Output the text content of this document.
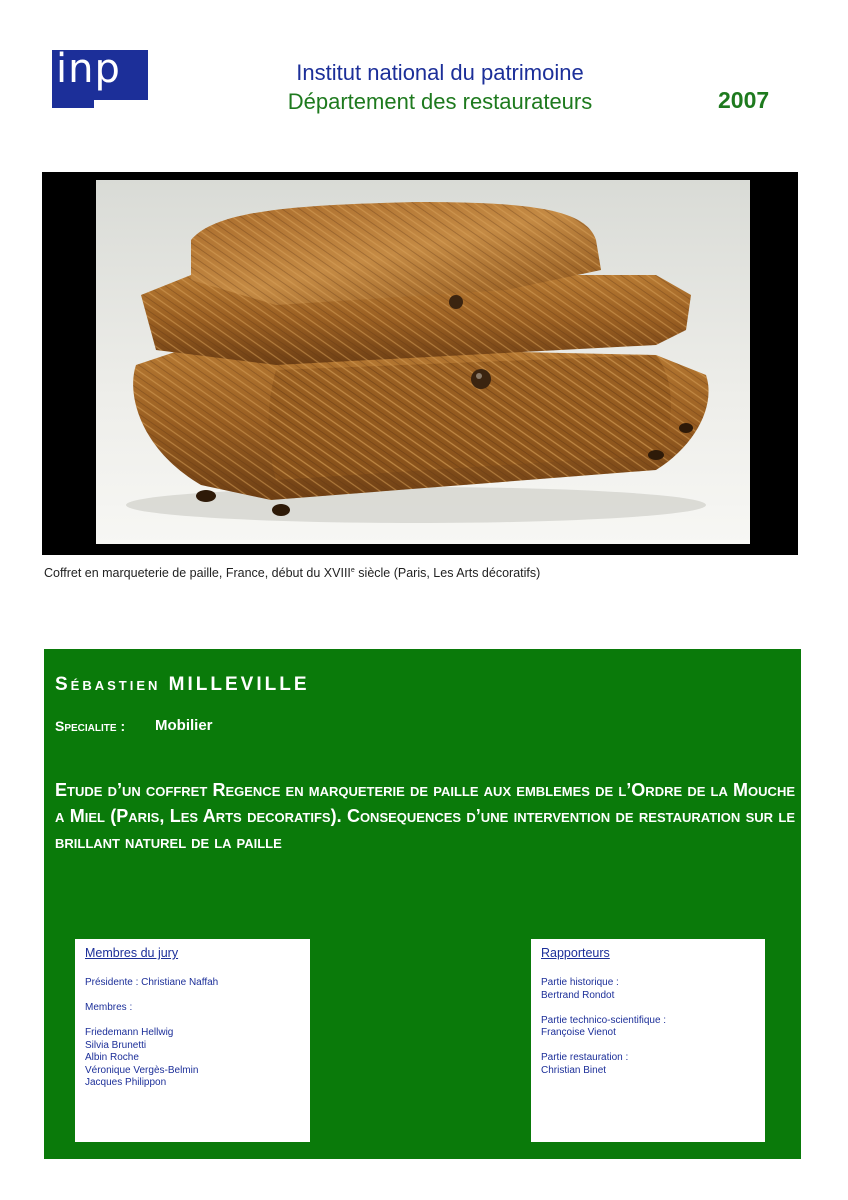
inp	Institut national du patrimoine
Département des restaurateurs	2007
Coffret en marqueterie de paille, France, début du XVIIIe siècle (Paris, Les Arts décoratifs)
Sébastien MILLEVILLE
Specialite : Mobilier
Etude d’un coffret Regence en marqueterie de paille aux emblemes de l’Ordre de la Mouche a Miel (Paris, Les Arts decoratifs). Consequences d’une intervention de restauration sur le brillant naturel de la paille
Membres du jury
Présidente : Christiane Naffah
Membres :
Friedemann Hellwig
Silvia Brunetti
Albin Roche
Véronique Vergès-Belmin
Jacques Philippon
Rapporteurs
Partie historique :
Bertrand Rondot
Partie technico-scientifique :
Françoise Vienot
Partie restauration :
Christian Binet
